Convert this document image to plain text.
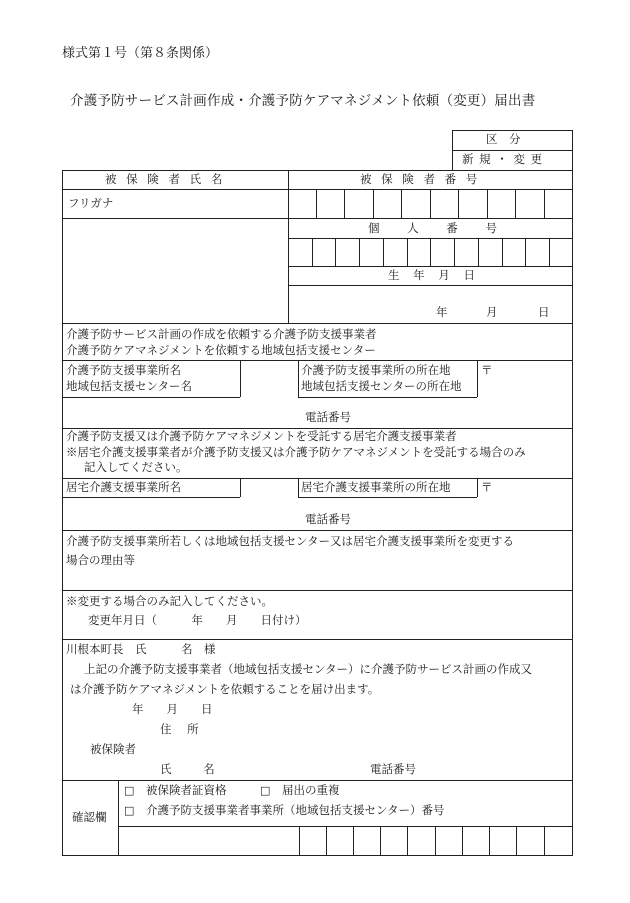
様式第１号（第８条関係）
介護予防サービス計画作成・介護予防ケアマネジメント依頼（変更）届出書
区　分
新 規 ・ 変 更
被 保 険 者 氏 名	被 保 険 者 番 号
フリガナ
個 人 番 号
生 年 月 日
年	月	日
介護予防サービス計画の作成を依頼する介護予防支援事業者
介護予防ケアマネジメントを依頼する地域包括支援センター
介護予防支援事業所名
地域包括支援センター名
介護予防支援事業所の所在地
地域包括支援センターの所在地
〒
電話番号
介護予防支援又は介護予防ケアマネジメントを受託する居宅介護支援事業者
※居宅介護支援事業者が介護予防支援又は介護予防ケアマネジメントを受託する場合のみ
記入してください。
居宅介護支援事業所名	居宅介護支援事業所の所在地	〒
電話番号
介護予防支援事業所若しくは地域包括支援センター又は居宅介護支援事業所を変更する
場合の理由等
※変更する場合のみ記入してください。
変更年月日（　　　年　　月　　日付け）
川根本町長　氏　　　名　様
上記の介護予防支援事業者（地域包括支援センター）に介護予防サービス計画の作成又
は介護予防ケアマネジメントを依頼することを届け出ます。
年　　月　　日
住 所
被保険者
氏 名	電話番号
確認欄
□ 被保険者証資格	□ 届出の重複
□ 介護予防支援事業者事業所（地域包括支援センター）番号
